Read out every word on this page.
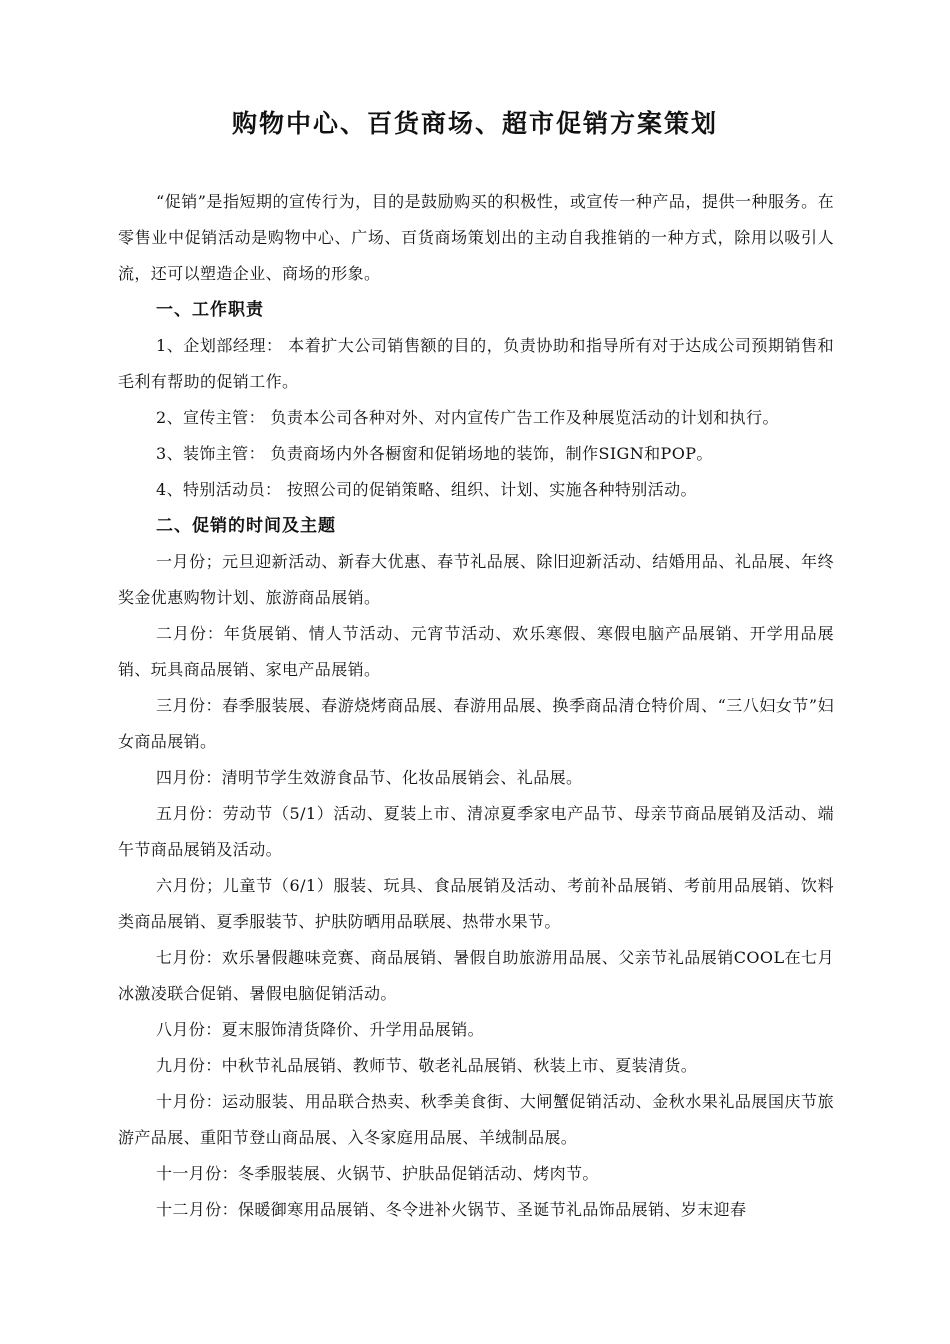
购物中心、百货商场、超市促销方案策划

“促销”是指短期的宣传行为，目的是鼓励购买的积极性，或宣传一种产品，提供一种服务。在零售业中促销活动是购物中心、广场、百货商场策划出的主动自我推销的一种方式，除用以吸引人流，还可以塑造企业、商场的形象。

一、工作职责

1、企划部经理： 本着扩大公司销售额的目的，负责协助和指导所有对于达成公司预期销售和毛利有帮助的促销工作。

2、宣传主管： 负责本公司各种对外、对内宣传广告工作及种展览活动的计划和执行。

3、装饰主管： 负责商场内外各橱窗和促销场地的装饰，制作SIGN和POP。

4、特别活动员： 按照公司的促销策略、组织、计划、实施各种特别活动。

二、促销的时间及主题

一月份；元旦迎新活动、新春大优惠、春节礼品展、除旧迎新活动、结婚用品、礼品展、年终奖金优惠购物计划、旅游商品展销。

二月份：年货展销、情人节活动、元宵节活动、欢乐寒假、寒假电脑产品展销、开学用品展销、玩具商品展销、家电产品展销。

三月份：春季服装展、春游烧烤商品展、春游用品展、换季商品清仓特价周、“三八妇女节”妇女商品展销。

四月份：清明节学生效游食品节、化妆品展销会、礼品展。

五月份：劳动节（5/1）活动、夏装上市、清凉夏季家电产品节、母亲节商品展销及活动、端午节商品展销及活动。

六月份；儿童节（6/1）服装、玩具、食品展销及活动、考前补品展销、考前用品展销、饮料类商品展销、夏季服装节、护肤防晒用品联展、热带水果节。

七月份：欢乐暑假趣味竞赛、商品展销、暑假自助旅游用品展、父亲节礼品展销COOL在七月冰激凌联合促销、暑假电脑促销活动。

八月份：夏末服饰清货降价、升学用品展销。

九月份：中秋节礼品展销、教师节、敬老礼品展销、秋装上市、夏装清货。

十月份：运动服装、用品联合热卖、秋季美食街、大闸蟹促销活动、金秋水果礼品展国庆节旅游产品展、重阳节登山商品展、入冬家庭用品展、羊绒制品展。

十一月份：冬季服装展、火锅节、护肤品促销活动、烤肉节。

十二月份：保暖御寒用品展销、冬令进补火锅节、圣诞节礼品饰品展销、岁末迎春
